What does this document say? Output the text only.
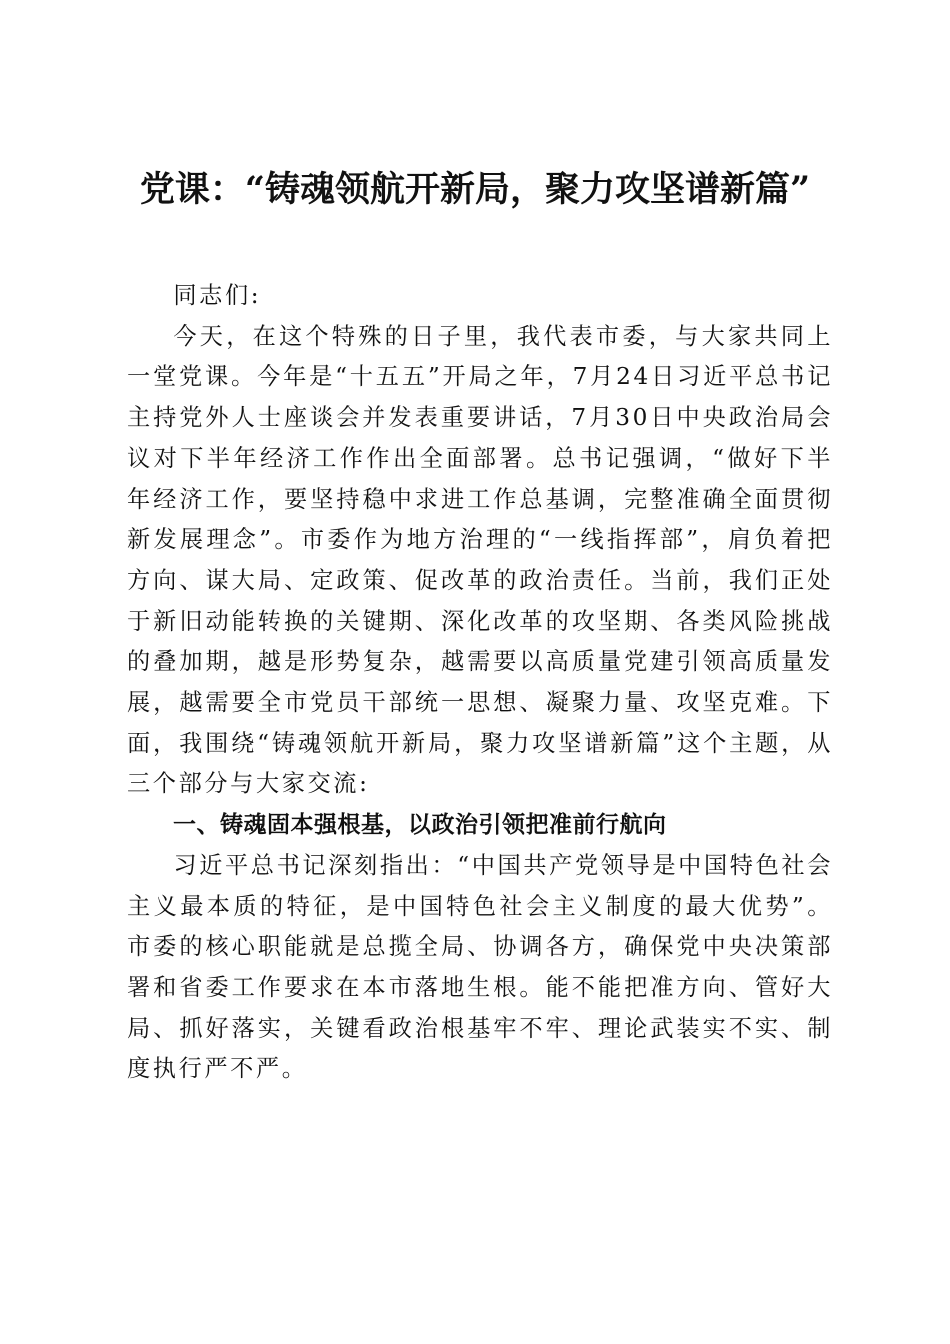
党课：“铸魂领航开新局，聚力攻坚谱新篇”

同志们:

今天，在这个特殊的日子里，我代表市委，与大家共同上一堂党课。今年是“十五五”开局之年，7月24日习近平总书记主持党外人士座谈会并发表重要讲话，7月30日中央政治局会议对下半年经济工作作出全面部署。总书记强调，“做好下半年经济工作，要坚持稳中求进工作总基调，完整准确全面贯彻新发展理念”。市委作为地方治理的“一线指挥部”，肩负着把方向、谋大局、定政策、促改革的政治责任。当前，我们正处于新旧动能转换的关键期、深化改革的攻坚期、各类风险挑战的叠加期，越是形势复杂，越需要以高质量党建引领高质量发展，越需要全市党员干部统一思想、凝聚力量、攻坚克难。下面，我围绕“铸魂领航开新局，聚力攻坚谱新篇”这个主题，从三个部分与大家交流:

一、铸魂固本强根基，以政治引领把准前行航向

习近平总书记深刻指出：“中国共产党领导是中国特色社会主义最本质的特征，是中国特色社会主义制度的最大优势”。市委的核心职能就是总揽全局、协调各方，确保党中央决策部署和省委工作要求在本市落地生根。能不能把准方向、管好大局、抓好落实，关键看政治根基牢不牢、理论武装实不实、制度执行严不严。
